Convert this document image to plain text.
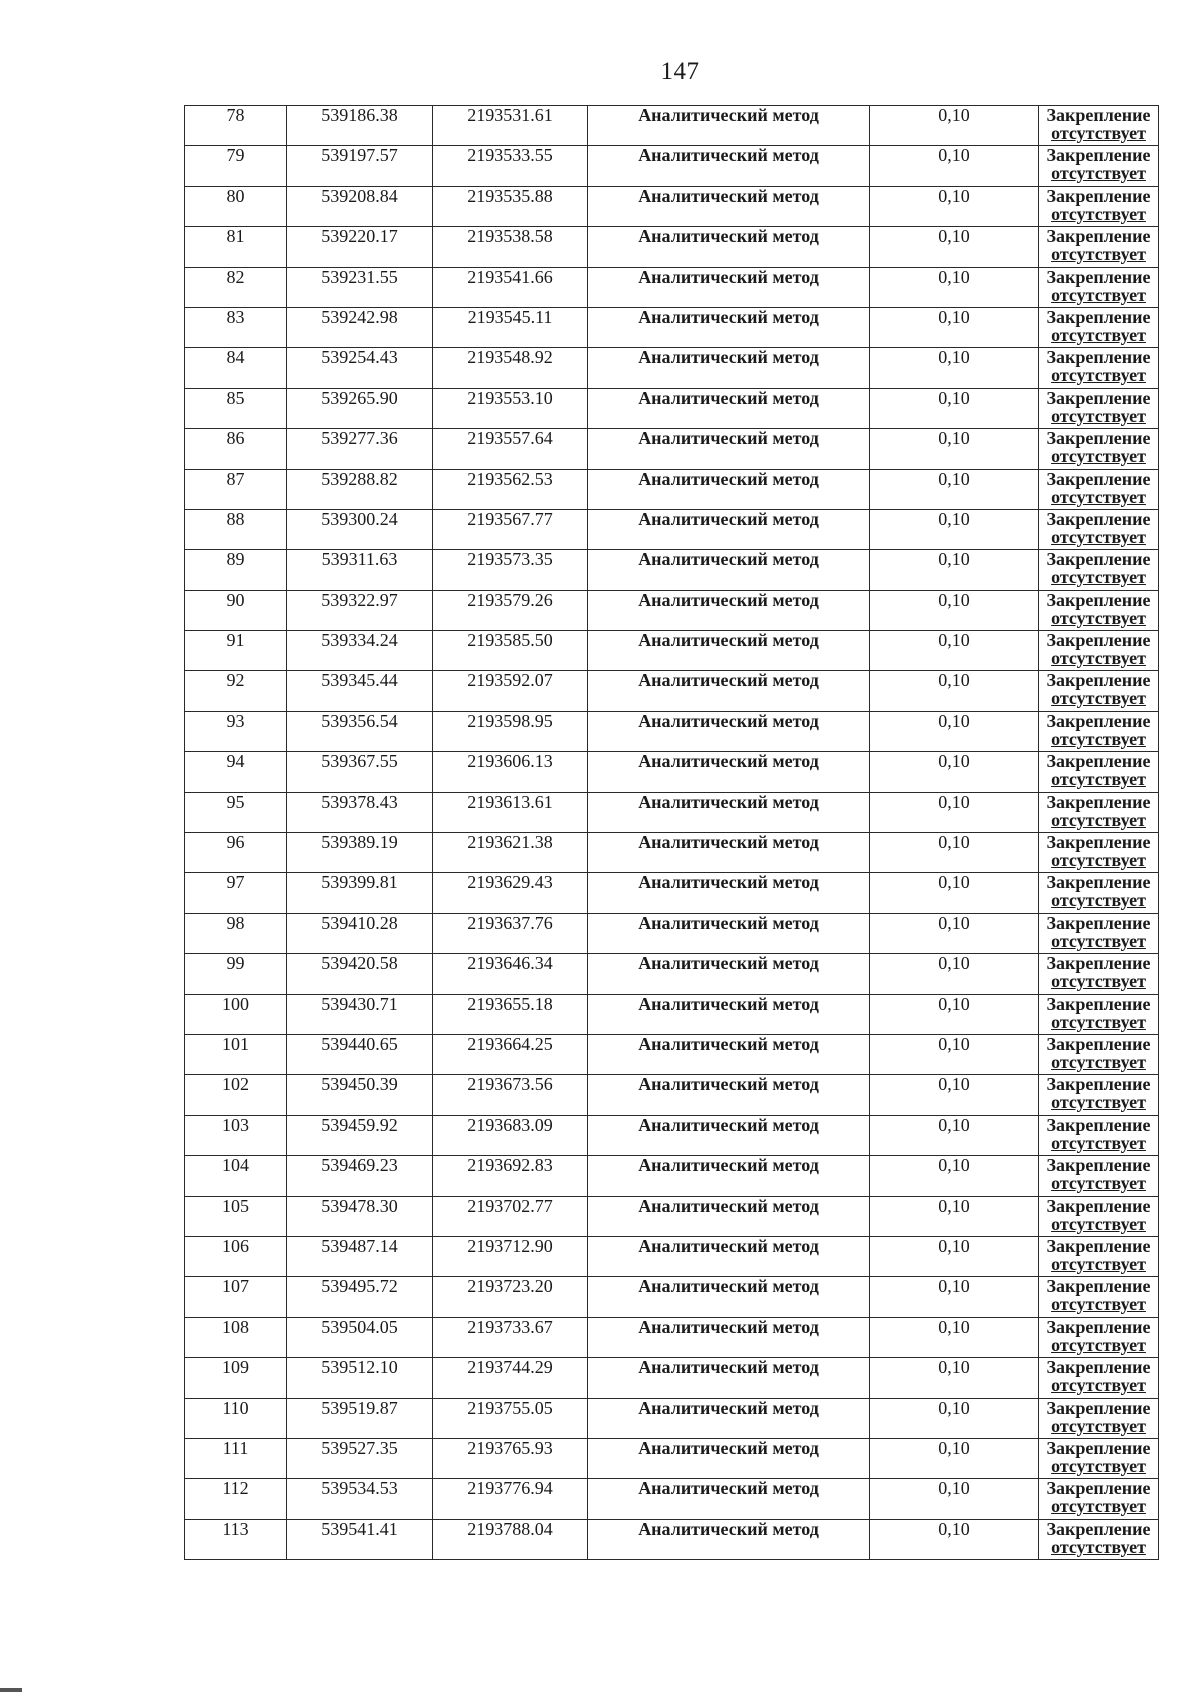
147
78	539186.38	2193531.61	Аналитический метод	0,10	Закрепление
отсутствует

79	539197.57	2193533.55	Аналитический метод	0,10	Закрепление
отсутствует

80	539208.84	2193535.88	Аналитический метод	0,10	Закрепление
отсутствует

81	539220.17	2193538.58	Аналитический метод	0,10	Закрепление
отсутствует

82	539231.55	2193541.66	Аналитический метод	0,10	Закрепление
отсутствует

83	539242.98	2193545.11	Аналитический метод	0,10	Закрепление
отсутствует

84	539254.43	2193548.92	Аналитический метод	0,10	Закрепление
отсутствует

85	539265.90	2193553.10	Аналитический метод	0,10	Закрепление
отсутствует

86	539277.36	2193557.64	Аналитический метод	0,10	Закрепление
отсутствует

87	539288.82	2193562.53	Аналитический метод	0,10	Закрепление
отсутствует

88	539300.24	2193567.77	Аналитический метод	0,10	Закрепление
отсутствует

89	539311.63	2193573.35	Аналитический метод	0,10	Закрепление
отсутствует

90	539322.97	2193579.26	Аналитический метод	0,10	Закрепление
отсутствует

91	539334.24	2193585.50	Аналитический метод	0,10	Закрепление
отсутствует

92	539345.44	2193592.07	Аналитический метод	0,10	Закрепление
отсутствует

93	539356.54	2193598.95	Аналитический метод	0,10	Закрепление
отсутствует

94	539367.55	2193606.13	Аналитический метод	0,10	Закрепление
отсутствует

95	539378.43	2193613.61	Аналитический метод	0,10	Закрепление
отсутствует

96	539389.19	2193621.38	Аналитический метод	0,10	Закрепление
отсутствует

97	539399.81	2193629.43	Аналитический метод	0,10	Закрепление
отсутствует

98	539410.28	2193637.76	Аналитический метод	0,10	Закрепление
отсутствует

99	539420.58	2193646.34	Аналитический метод	0,10	Закрепление
отсутствует

100	539430.71	2193655.18	Аналитический метод	0,10	Закрепление
отсутствует

101	539440.65	2193664.25	Аналитический метод	0,10	Закрепление
отсутствует

102	539450.39	2193673.56	Аналитический метод	0,10	Закрепление
отсутствует

103	539459.92	2193683.09	Аналитический метод	0,10	Закрепление
отсутствует

104	539469.23	2193692.83	Аналитический метод	0,10	Закрепление
отсутствует

105	539478.30	2193702.77	Аналитический метод	0,10	Закрепление
отсутствует

106	539487.14	2193712.90	Аналитический метод	0,10	Закрепление
отсутствует

107	539495.72	2193723.20	Аналитический метод	0,10	Закрепление
отсутствует

108	539504.05	2193733.67	Аналитический метод	0,10	Закрепление
отсутствует

109	539512.10	2193744.29	Аналитический метод	0,10	Закрепление
отсутствует

110	539519.87	2193755.05	Аналитический метод	0,10	Закрепление
отсутствует

111	539527.35	2193765.93	Аналитический метод	0,10	Закрепление
отсутствует

112	539534.53	2193776.94	Аналитический метод	0,10	Закрепление
отсутствует

113	539541.41	2193788.04	Аналитический метод	0,10	Закрепление
отсутствует
